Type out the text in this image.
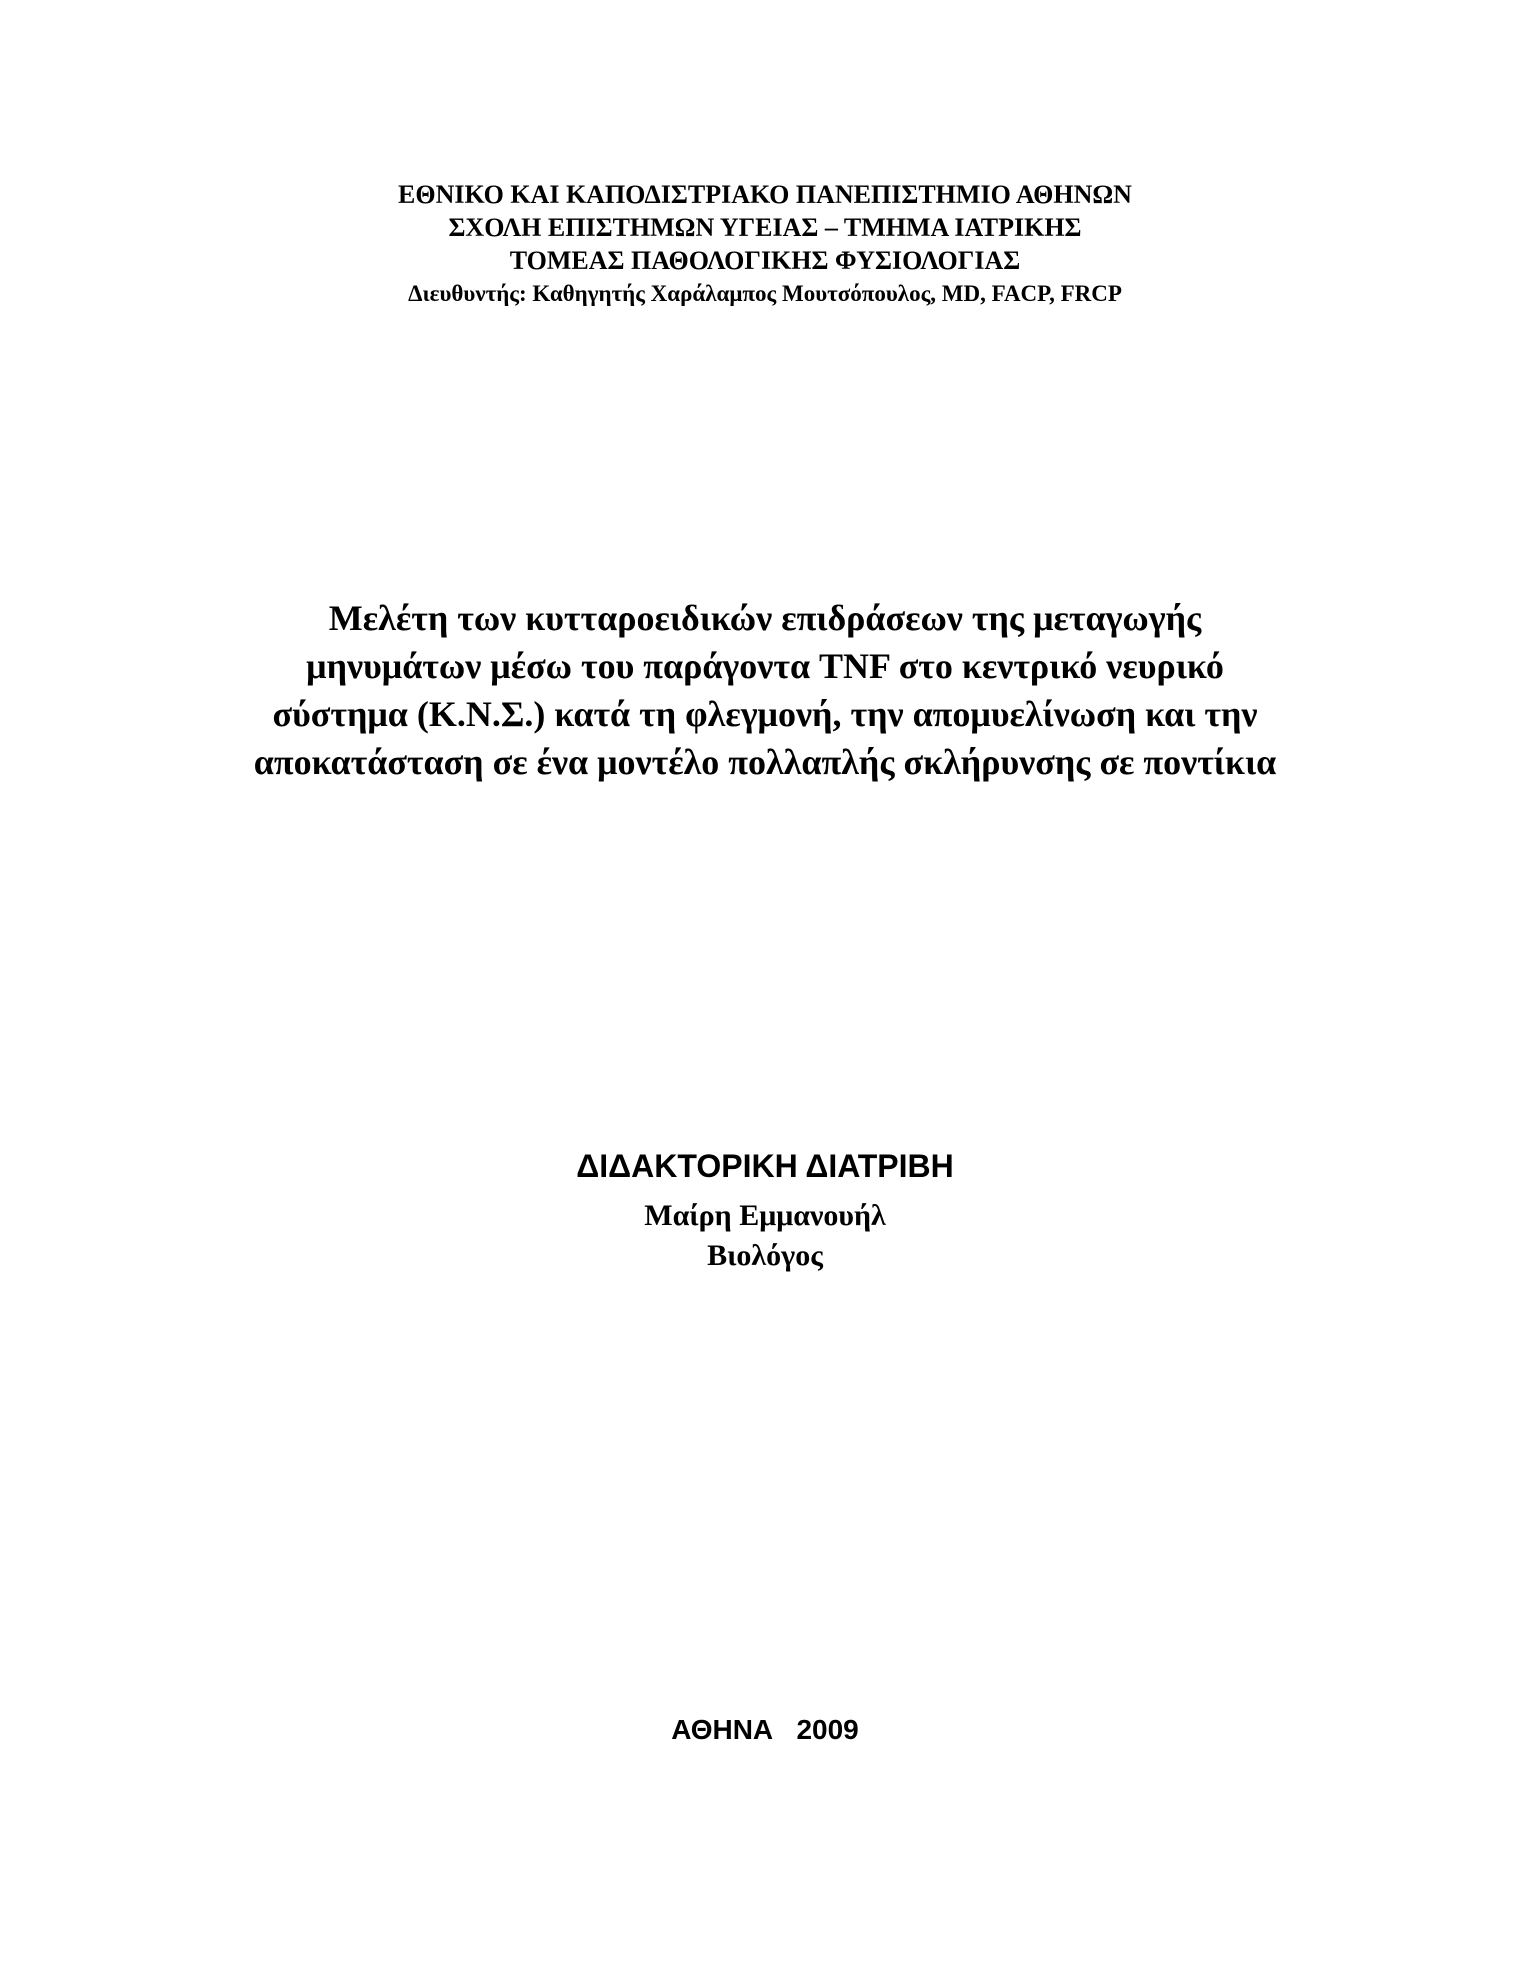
ΕΘΝΙΚΟ ΚΑΙ ΚΑΠΟΔΙΣΤΡΙΑΚΟ ΠΑΝΕΠΙΣΤΗΜΙΟ ΑΘΗΝΩΝ
ΣΧΟΛΗ ΕΠΙΣΤΗΜΩΝ ΥΓΕΙΑΣ – ΤΜΗΜΑ ΙΑΤΡΙΚΗΣ
ΤΟΜΕΑΣ ΠΑΘΟΛΟΓΙΚΗΣ ΦΥΣΙΟΛΟΓΙΑΣ
Διευθυντής: Καθηγητής Χαράλαμπος Μουτσόπουλος, MD, FACP, FRCP
Μελέτη των κυτταροειδικών επιδράσεων της μεταγωγής
μηνυμάτων μέσω του παράγοντα TNF στο κεντρικό νευρικό
σύστημα (Κ.Ν.Σ.) κατά τη φλεγμονή, την απομυελίνωση και την
αποκατάσταση σε ένα μοντέλο πολλαπλής σκλήρυνσης σε ποντίκια
ΔΙΔΑΚΤΟΡΙΚΗ ΔΙΑΤΡΙΒΗ
Μαίρη Εμμανουήλ
Βιολόγος
ΑΘΗΝΑ   2009
